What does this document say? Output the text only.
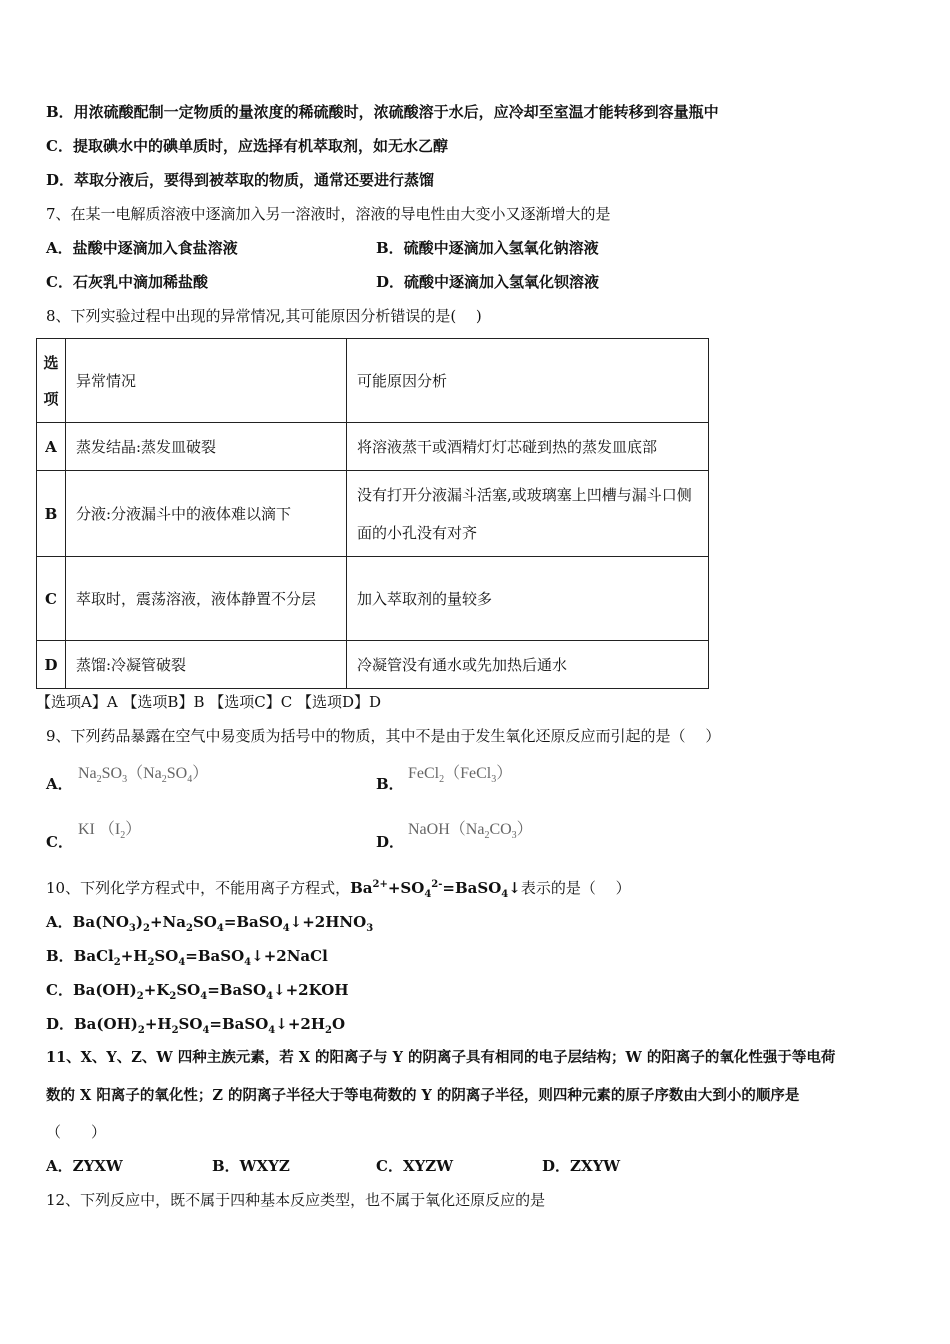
B．用浓硫酸配制一定物质的量浓度的稀硫酸时，浓硫酸溶于水后，应冷却至室温才能转移到容量瓶中
C．提取碘水中的碘单质时，应选择有机萃取剂，如无水乙醇
D．萃取分液后，要得到被萃取的物质，通常还要进行蒸馏
7、在某一电解质溶液中逐滴加入另一溶液时，溶液的导电性由大变小又逐渐增大的是
A．盐酸中逐滴加入食盐溶液	B．硫酸中逐滴加入氢氧化钠溶液
C．石灰乳中滴加稀盐酸	D．硫酸中逐滴加入氢氧化钡溶液
8、下列实验过程中出现的异常情况,其可能原因分析错误的是(　 )
选项	异常情况	可能原因分析
A	蒸发结晶:蒸发皿破裂	将溶液蒸干或酒精灯灯芯碰到热的蒸发皿底部
B	分液:分液漏斗中的液体难以滴下	没有打开分液漏斗活塞,或玻璃塞上凹槽与漏斗口侧面的小孔没有对齐
C	萃取时，震荡溶液，液体静置不分层	加入萃取剂的量较多
D	蒸馏:冷凝管破裂	冷凝管没有通水或先加热后通水
【选项A】A 【选项B】B 【选项C】C 【选项D】D
9、下列药品暴露在空气中易变质为括号中的物质，其中不是由于发生氧化还原反应而引起的是（　 ）
A．
$Na_2SO_3(Na_2SO_4)$
B．
FeCl$_2$（FeCl$_3$）
C．
KI $(I_2)$
D．
$NaOH(Na_2CO_3)$
10、下列化学方程式中，不能用离子方程式，$Ba^{2+}+SO_4^{2-}=BaSO_4↓$表示的是（　 ）
A．$Ba(NO_3)_2+Na_2SO_4=BaSO_4↓+2HNO_3$
B．$BaCl_2+H_2SO_4=BaSO_4↓+2NaCl$
C．$Ba(OH)_2+K_2SO_4=BaSO_4↓+2KOH$
D．$Ba(OH)_2+H_2SO_4=BaSO_4↓+2H_2O$
11、X、Y、Z、W 四种主族元素，若 X 的阳离子与 Y 的阴离子具有相同的电子层结构；W 的阳离子的氧化性强于等电荷
数的 X 阳离子的氧化性；Z 的阴离子半径大于等电荷数的 Y 的阴离子半径，则四种元素的原子序数由大到小的顺序是
（　　）
A．ZYXW	B．WXYZ	C．XYZW	D．ZXYW
12、下列反应中，既不属于四种基本反应类型，也不属于氧化还原反应的是
